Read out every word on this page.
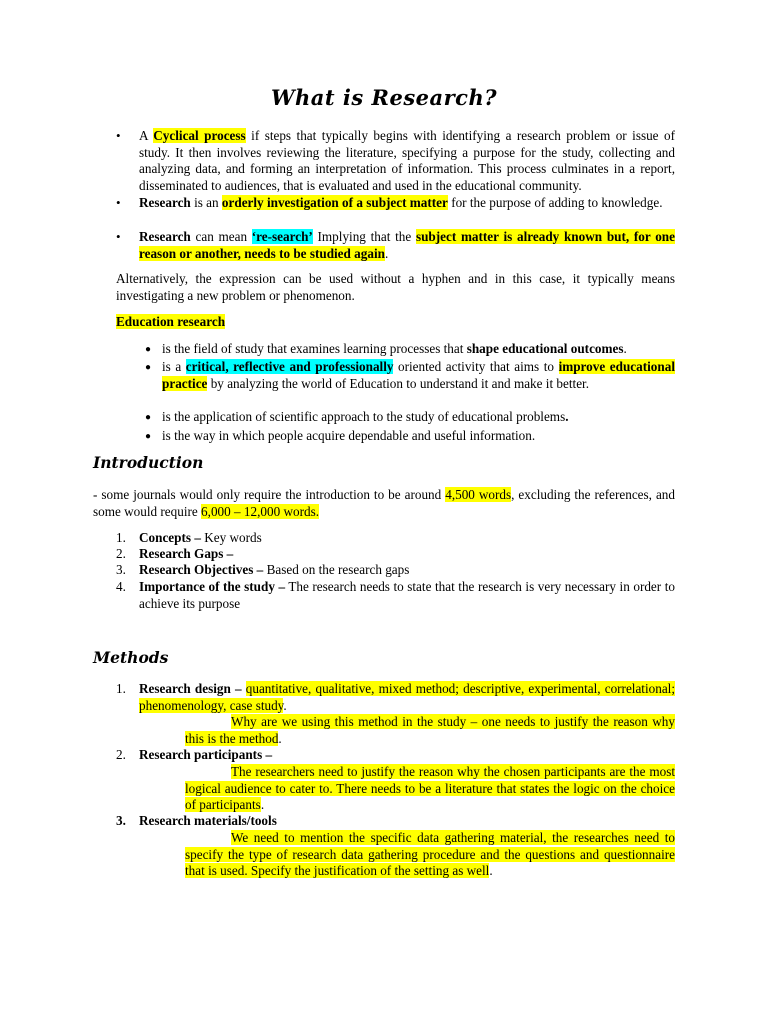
What is Research?
• A Cyclical process if steps that typically begins with identifying a research problem or issue of study. It then involves reviewing the literature, specifying a purpose for the study, collecting and analyzing data, and forming an interpretation of information. This process culminates in a report, disseminated to audiences, that is evaluated and used in the educational community.
• Research is an orderly investigation of a subject matter for the purpose of adding to knowledge.
• Research can mean ‘re-search’ Implying that the subject matter is already known but, for one reason or another, needs to be studied again.
Alternatively, the expression can be used without a hyphen and in this case, it typically means investigating a new problem or phenomenon.
Education research
● is the field of study that examines learning processes that shape educational outcomes.
● is a critical, reflective and professionally oriented activity that aims to improve educational practice by analyzing the world of Education to understand it and make it better.
● is the application of scientific approach to the study of educational problems.
● is the way in which people acquire dependable and useful information.
Introduction
- some journals would only require the introduction to be around 4,500 words, excluding the references, and some would require 6,000 – 12,000 words.
1. Concepts – Key words
2. Research Gaps –
3. Research Objectives – Based on the research gaps
4. Importance of the study – The research needs to state that the research is very necessary in order to achieve its purpose
Methods
1. Research design – quantitative, qualitative, mixed method; descriptive, experimental, correlational; phenomenology, case study.
Why are we using this method in the study – one needs to justify the reason why this is the method.
2. Research participants –
The researchers need to justify the reason why the chosen participants are the most logical audience to cater to. There needs to be a literature that states the logic on the choice of participants.
3. Research materials/tools
We need to mention the specific data gathering material, the researches need to specify the type of research data gathering procedure and the questions and questionnaire that is used. Specify the justification of the setting as well.
